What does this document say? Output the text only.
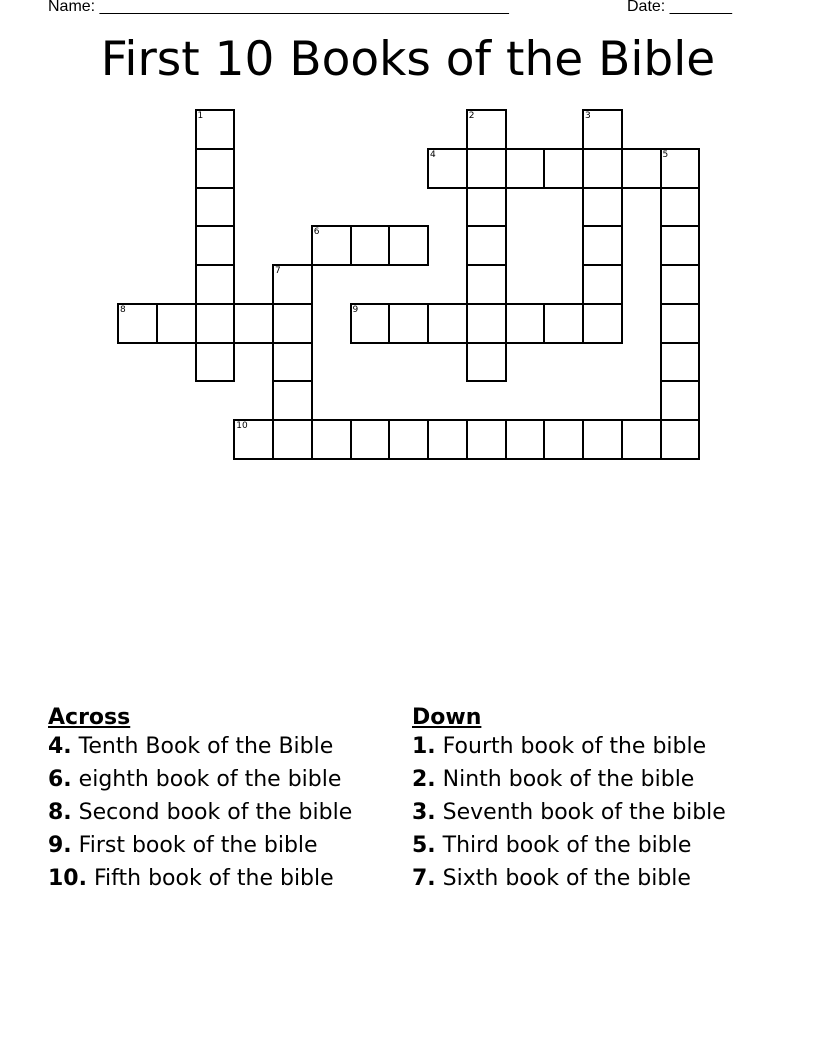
Name: ______________________________________________	Date: _______
First 10 Books of the Bible
1	2	3
4	5
6
7
8	9
10
Across
4. Tenth Book of the Bible
6. eighth book of the bible
8. Second book of the bible
9. First book of the bible
10. Fifth book of the bible
Down
1. Fourth book of the bible
2. Ninth book of the bible
3. Seventh book of the bible
5. Third book of the bible
7. Sixth book of the bible
